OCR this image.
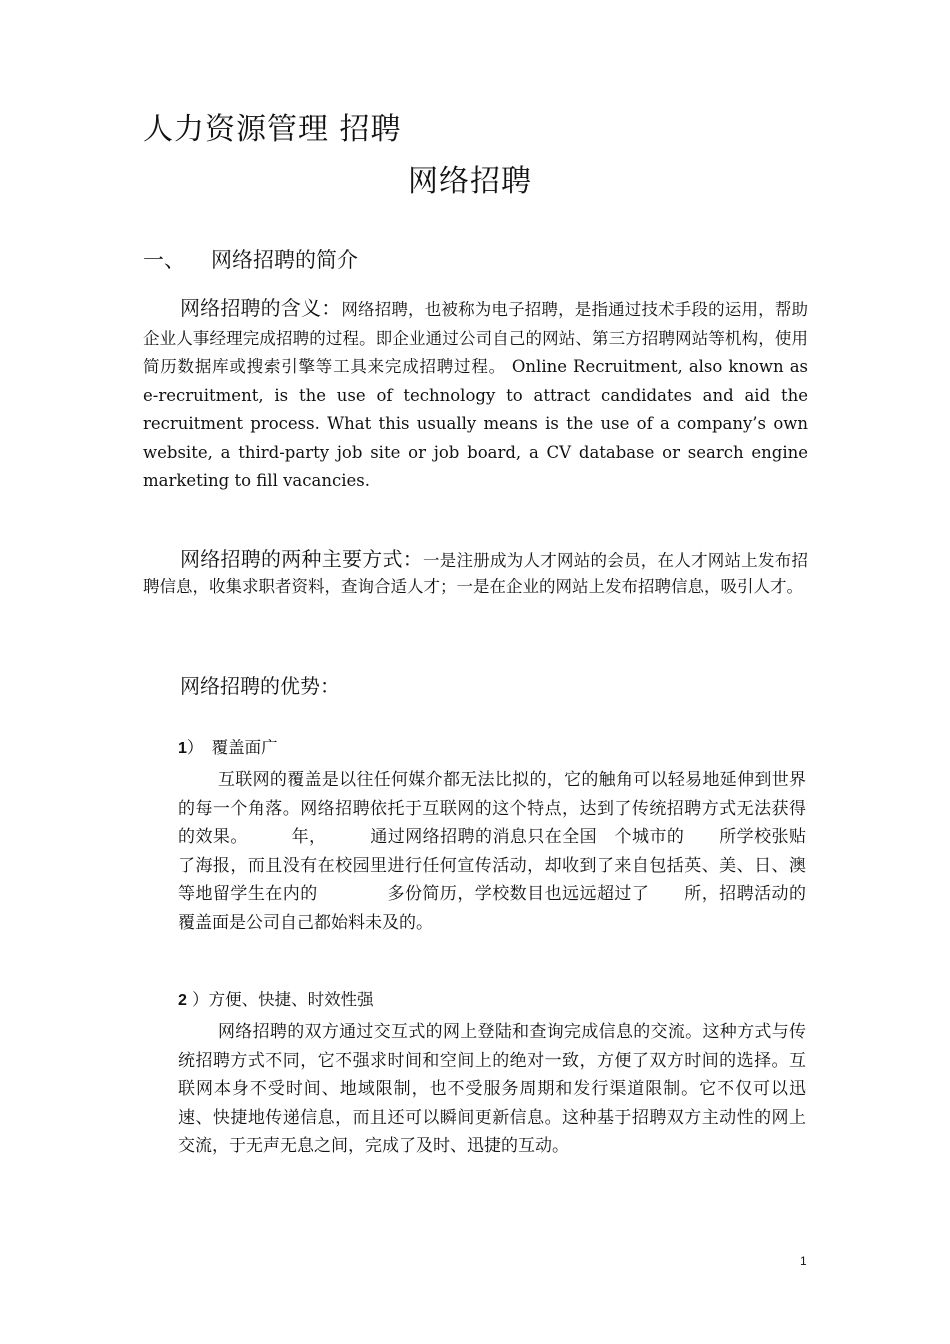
人力资源管理 招聘
网络招聘
一、 网络招聘的简介
网络招聘的含义：网络招聘，也被称为电子招聘，是指通过技术手段的运用，帮助企业人事经理完成招聘的过程。即企业通过公司自己的网站、第三方招聘网站等机构，使用简历数据库或搜索引擎等工具来完成招聘过程。 Online Recruitment, also known as e-recruitment, is the use of technology to attract candidates and aid the recruitment process. What this usually means is the use of a company’s own website, a third-party job site or job board, a CV database or search engine marketing to fill vacancies.
网络招聘的两种主要方式：一是注册成为人才网站的会员，在人才网站上发布招聘信息，收集求职者资料，查询合适人才；一是在企业的网站上发布招聘信息，吸引人才。
网络招聘的优势：
1）　 覆盖面广
互联网的覆盖是以往任何媒介都无法比拟的，它的触角可以轻易地延伸到世界的每一个角落。网络招聘依托于互联网的这个特点，达到了传统招聘方式无法获得的效果。　　　年，　　　通过网络招聘的消息只在全国　个城市的　　所学校张贴了海报，而且没有在校园里进行任何宣传活动，却收到了来自包括英、美、日、澳等地留学生在内的　　　　多份简历，学校数目也远远超过了　　所，招聘活动的覆盖面是公司自己都始料未及的。
2 ）方便、快捷、时效性强
网络招聘的双方通过交互式的网上登陆和查询完成信息的交流。这种方式与传统招聘方式不同，它不强求时间和空间上的绝对一致，方便了双方时间的选择。互联网本身不受时间、地域限制，也不受服务周期和发行渠道限制。它不仅可以迅速、快捷地传递信息，而且还可以瞬间更新信息。这种基于招聘双方主动性的网上交流，于无声无息之间，完成了及时、迅捷的互动。
1
